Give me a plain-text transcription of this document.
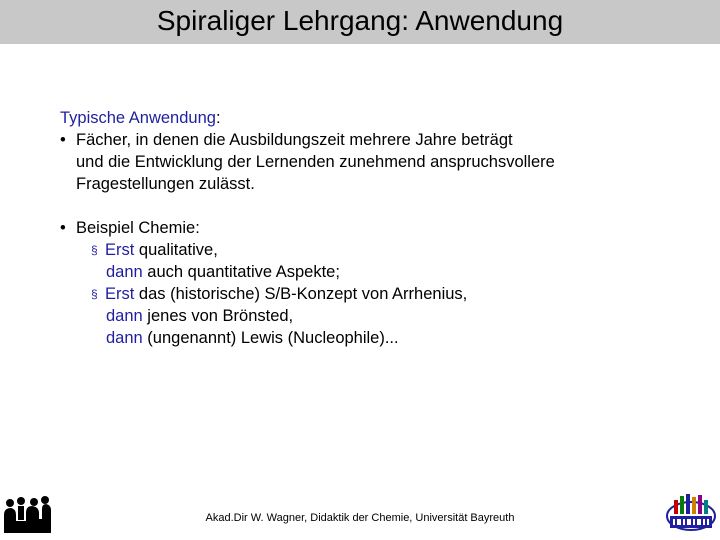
Spiraliger Lehrgang: Anwendung
Typische Anwendung:
• Fächer, in denen die Ausbildungszeit mehrere Jahre beträgt
und die Entwicklung der Lernenden zunehmend anspruchsvollere
Fragestellungen zulässt.
• Beispiel Chemie:
§ Erst qualitative,
dann auch quantitative Aspekte;
§ Erst das (historische) S/B-Konzept von Arrhenius,
dann jenes von Brönsted,
dann (ungenannt) Lewis (Nucleophile)...
Akad.Dir W. Wagner, Didaktik der Chemie, Universität Bayreuth
